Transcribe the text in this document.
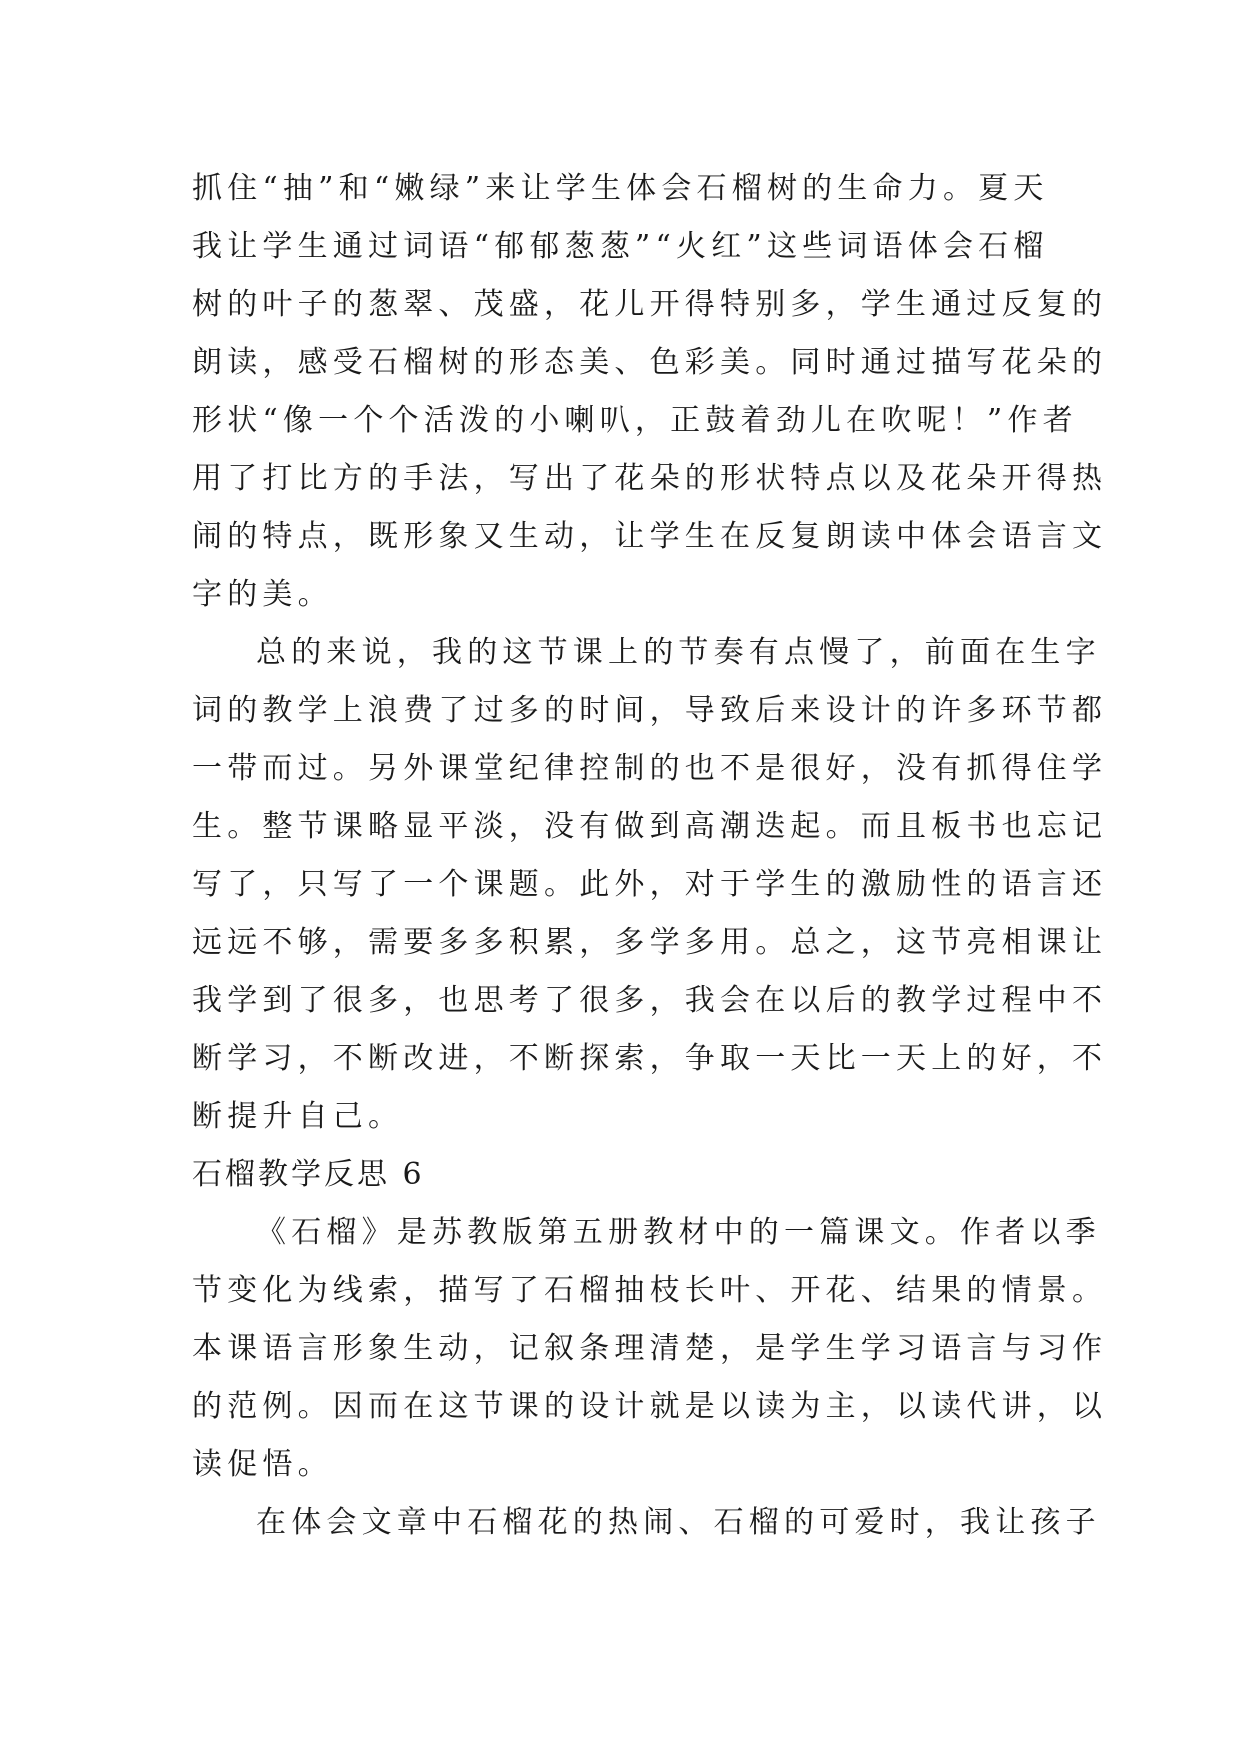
抓住“抽”和“嫩绿”来让学生体会石榴树的生命力。夏天

我让学生通过词语“郁郁葱葱”“火红”这些词语体会石榴

树的叶子的葱翠、茂盛，花儿开得特别多，学生通过反复的

朗读，感受石榴树的形态美、色彩美。同时通过描写花朵的

形状“像一个个活泼的小喇叭，正鼓着劲儿在吹呢！”作者

用了打比方的手法，写出了花朵的形状特点以及花朵开得热

闹的特点，既形象又生动，让学生在反复朗读中体会语言文

字的美。

总的来说，我的这节课上的节奏有点慢了，前面在生字

词的教学上浪费了过多的时间，导致后来设计的许多环节都

一带而过。另外课堂纪律控制的也不是很好，没有抓得住学

生。整节课略显平淡，没有做到高潮迭起。而且板书也忘记

写了，只写了一个课题。此外，对于学生的激励性的语言还

远远不够，需要多多积累，多学多用。总之，这节亮相课让

我学到了很多，也思考了很多，我会在以后的教学过程中不

断学习，不断改进，不断探索，争取一天比一天上的好，不

断提升自己。

石榴教学反思 6

《石榴》是苏教版第五册教材中的一篇课文。作者以季

节变化为线索，描写了石榴抽枝长叶、开花、结果的情景。

本课语言形象生动，记叙条理清楚，是学生学习语言与习作

的范例。因而在这节课的设计就是以读为主，以读代讲，以

读促悟。

在体会文章中石榴花的热闹、石榴的可爱时，我让孩子
